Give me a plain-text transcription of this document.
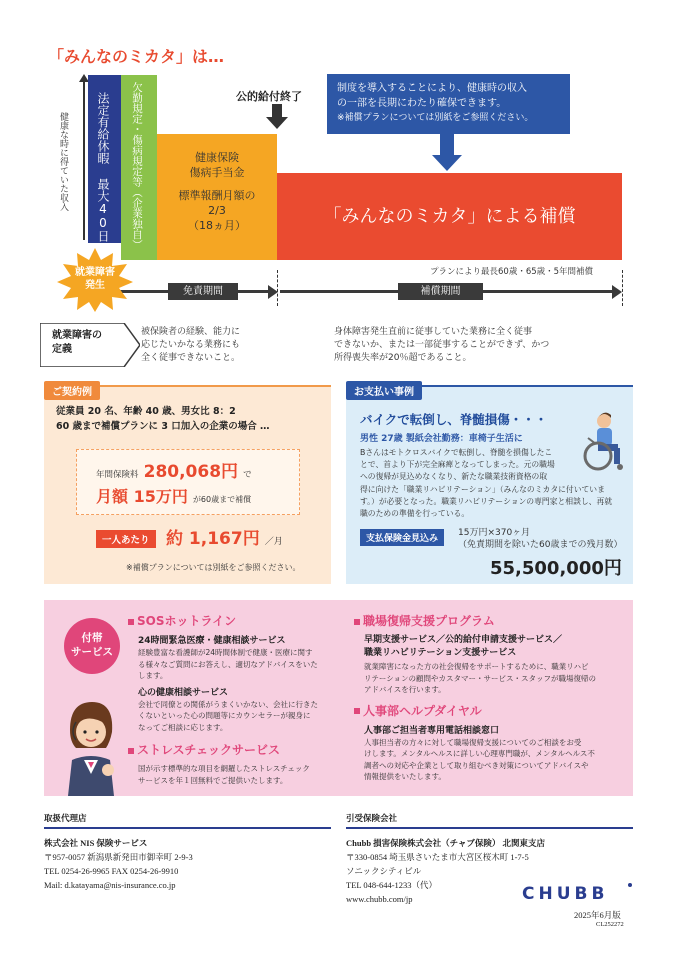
「みんなのミカタ」は…
健康な時に得ていた収入 法定有給休暇 最大40日 欠勤規定・傷病規定等（企業独自）	健康保険
傷病手当金
標準報酬月額の
2/3
（18ヵ月）
公的給付終了
「みんなのミカタ」による補償
制度を導入することにより、健康時の収入
の一部を長期にわたり確保できます。
※補償プランについては別紙をご参照ください。
プランにより最長60歳・65歳・5年間補償
免責期間	補償期間
就業障害
発生
就業障害の
定義
被保険者の経験、能力に
応じたいかなる業務にも
全く従事できないこと。
身体障害発生直前に従事していた業務に全く従事
できないか、または一部従事することができず、かつ
所得喪失率が20％超であること。
ご契約例
従業員 20 名、年齢 40 歳、男女比 8：2
60 歳まで補償プランに 3 口加入の企業の場合 …
年間保険料 280,068円 で
月額 15万円 が60歳まで補償
一人あたり 約 1,167円 ／月
※補償プランについては別紙をご参照ください。
お支払い事例
バイクで転倒し、脊髄損傷・・・
男性 27歳 製紙会社勤務：車椅子生活に
Bさんはモトクロスバイクで転倒し、脊髄を損傷したこ
とで、首より下が完全麻痺となってしまった。元の職場
への復帰が見込めなくなり、新たな職業技術資格の取
得に向けた「職業リハビリテーション」（みんなのミカタに付いていま
す。）が必要となった。職業リハビリテーションの専門家と相談し、再就
職のための準備を行っている。
支払保険金見込み
15万円×370ヶ月
（免責期間を除いた60歳までの残月数）
55,500,000円
付帯
サービス
SOSホットライン
24時間緊急医療・健康相談サービス
経験豊富な看護師が24時間体制で健康・医療に関す
る様々なご質問にお答えし、適切なアドバイスをいた
します。
心の健康相談サービス
会社で同僚との関係がうまくいかない、会社に行きた
くないといった心の問題等にカウンセラーが親身に
なってご相談に応じます。
ストレスチェックサービス
国が示す標準的な項目を網羅したストレスチェック
サービスを年１回無料でご提供いたします。
職場復帰支援プログラム
早期支援サービス／公的給付申請支援サービス／
職業リハビリテーション支援サービス
就業障害になった方の社会復帰をサポートするために、職業リハビ
リテーションの顧問やカスタマー・サービス・スタッフが職場復帰の
アドバイスを行います。
人事部ヘルプダイヤル
人事部ご担当者専用電話相談窓口
人事担当者の方々に対して職場復帰支援についてのご相談をお受
けします。メンタルヘルスに詳しい心理専門職が、メンタルヘルス不
調者への対応や企業として取り組むべき対策についてアドバイスや
情報提供をいたします。
取扱代理店
株式会社 NIS 保険サービス
〒957-0057 新潟県新発田市御幸町 2-9-3
TEL 0254-26-9965 FAX 0254-26-9910
Mail: d.katayama@nis-insurance.co.jp
引受保険会社
Chubb 損害保険株式会社（チャブ保険） 北関東支店
〒330-0854 埼玉県さいたま市大宮区桜木町 1-7-5
ソニックシティビル
TEL 048-644-1233（代）
www.chubb.com/jp	CHUBB
2025年6月版
CL252272
